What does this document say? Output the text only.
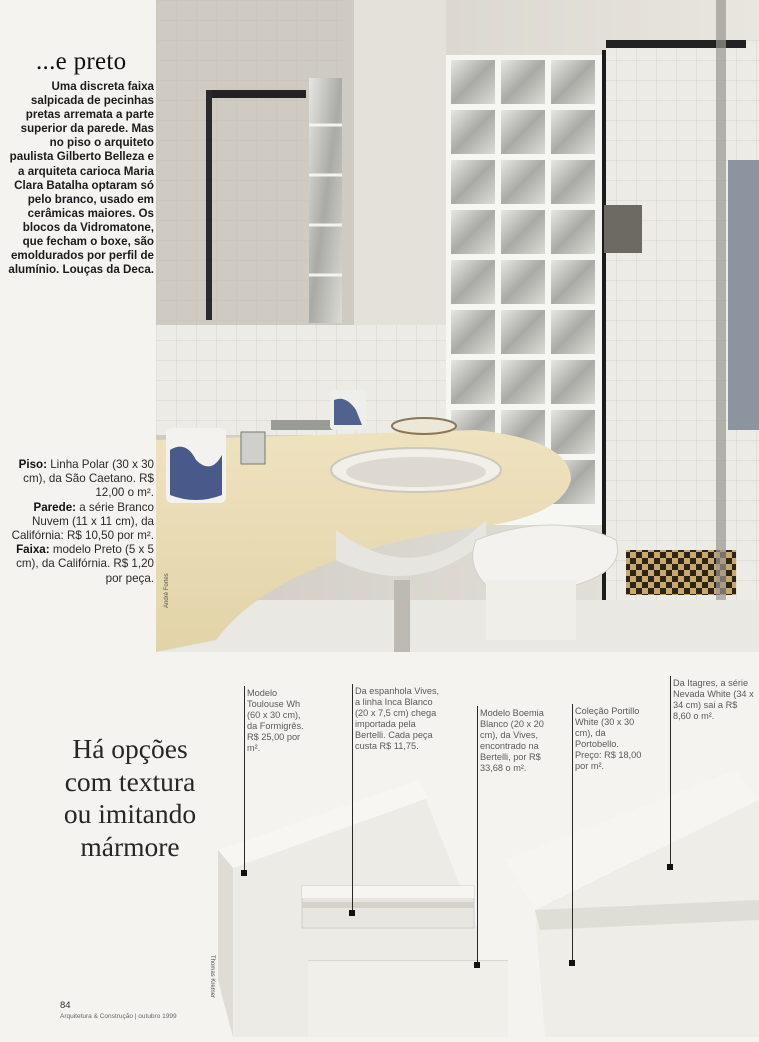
...e preto
Uma discreta faixa salpicada de pecinhas pretas arremata a parte superior da parede. Mas no piso o arquiteto paulista Gilberto Belleza e a arquiteta carioca Maria Clara Batalha optaram só pelo branco, usado em cerâmicas maiores. Os blocos da Vidromatone, que fecham o boxe, são emoldurados por perfil de alumínio. Louças da Deca.

Piso: Linha Polar (30 x 30 cm), da São Caetano. R$ 12,00 o m².

Parede: a série Branco Nuvem (11 x 11 cm), da Califórnia: R$ 10,50 por m².

Faixa: modelo Preto (5 x 5 cm), da Califórnia. R$ 1,20 por peça. André Fortes
Há opções
com textura
ou imitando
mármore
Modelo Toulouse Wh (60 x 30 cm), da Formigrês. R$ 25,00 por m².
Da espanhola Vives, a linha Inca Blanco (20 x 7,5 cm) chega importada pela Bertelli. Cada peça custa R$ 11,75.
Modelo Boemia Blanco (20 x 20 cm), da Vives, encontrado na Bertelli, por R$ 33,68 o m².
Coleção Portillo White (30 x 30 cm), da Portobello. Preço: R$ 18,00 por m².
Da Itagres, a série Nevada White (34 x 34 cm) sai a R$ 8,60 o m².
84
Arquitetura & Construção | outubro 1999
Thomas Kremer
